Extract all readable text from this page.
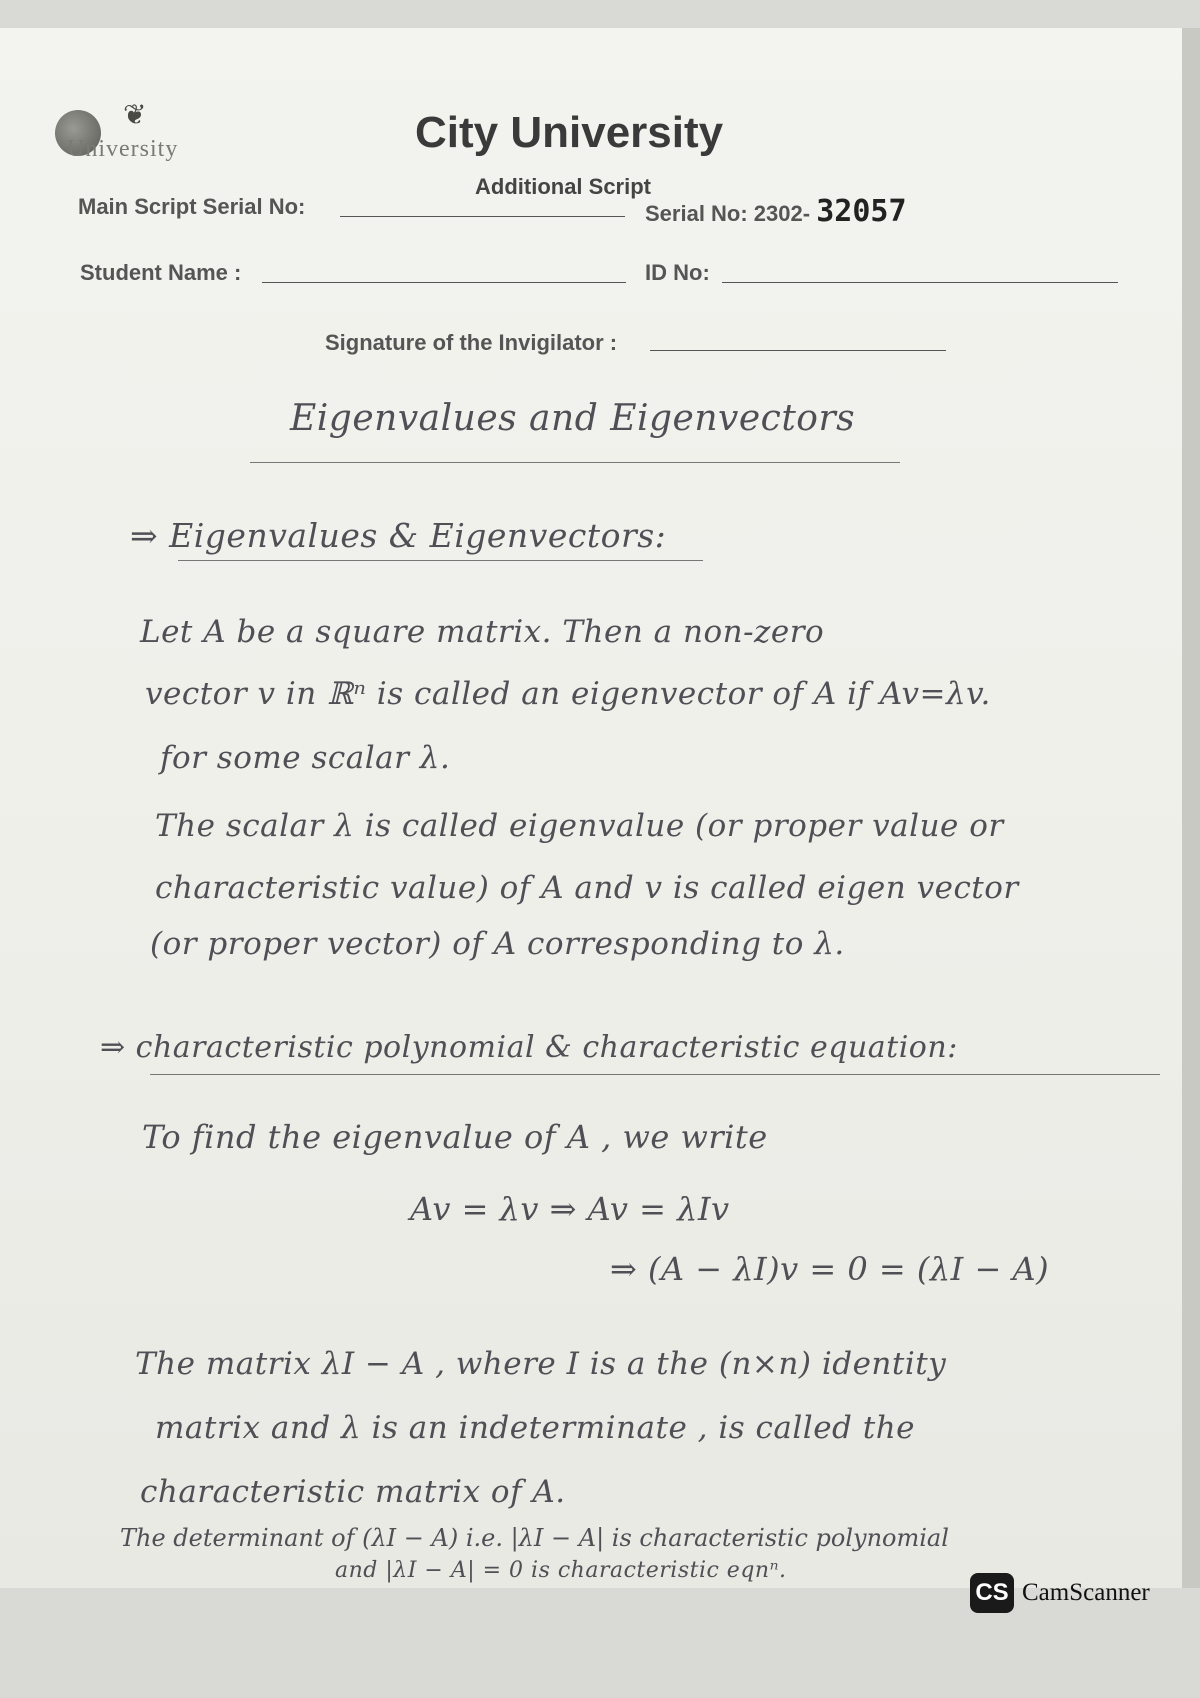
❦
University	City University
Additional Script
Main Script Serial No:	Serial No: 2302- 32057
Student Name :	ID No:
Signature of the Invigilator :
Eigenvalues and Eigenvectors
⇒ Eigenvalues & Eigenvectors:
Let A be a square matrix. Then a non-zero
vector v in ℝⁿ is called an eigenvector of A if Av=λv.
for some scalar λ.
The scalar λ is called eigenvalue (or proper value or
characteristic value) of A and v is called eigen vector
(or proper vector) of A corresponding to λ.
⇒ characteristic polynomial & characteristic equation:
To find the eigenvalue of A , we write
Av = λv ⇒ Av = λIv
⇒ (A − λI)v = 0 = (λI − A)
The matrix λI − A , where I is a the (n×n) identity
matrix and λ is an indeterminate , is called the
characteristic matrix of A.
The determinant of (λI − A) i.e. |λI − A| is characteristic polynomial
and |λI − A| = 0 is characteristic eqnⁿ.
CS CamScanner
